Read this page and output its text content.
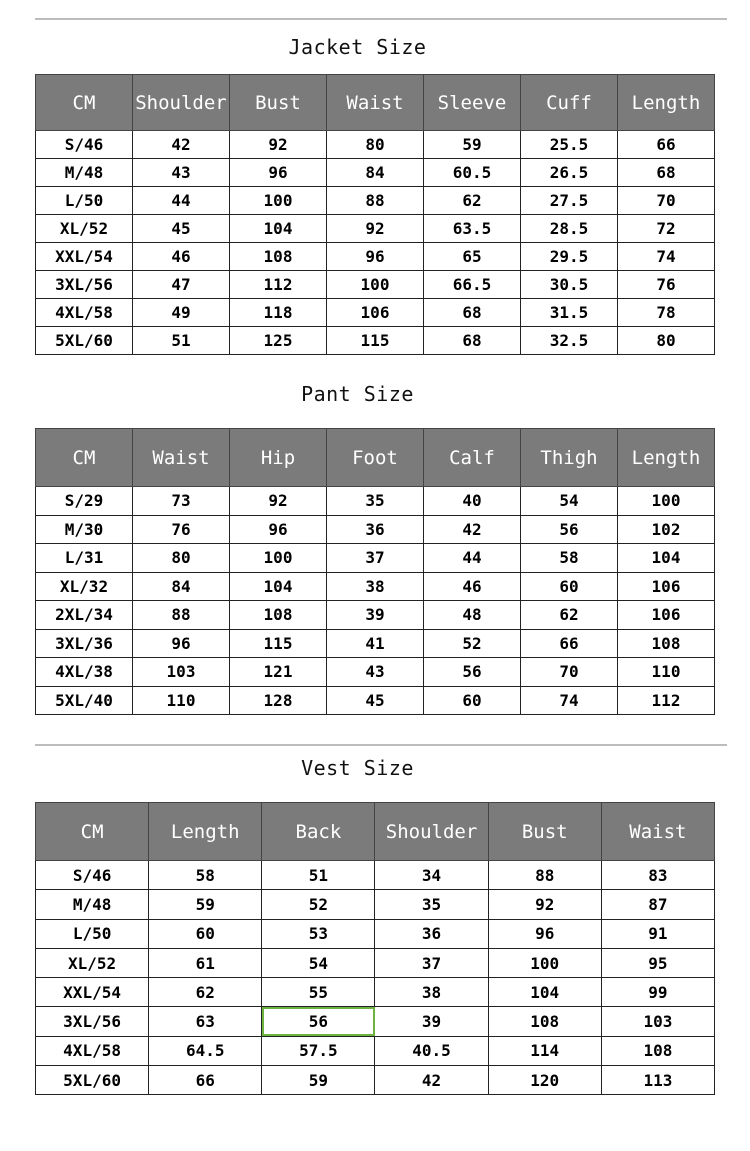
Jacket Size
CM	Shoulder	Bust	Waist	Sleeve	Cuff	Length
S/46	42	92	80	59	25.5	66
M/48	43	96	84	60.5	26.5	68
L/50	44	100	88	62	27.5	70
XL/52	45	104	92	63.5	28.5	72
XXL/54	46	108	96	65	29.5	74
3XL/56	47	112	100	66.5	30.5	76
4XL/58	49	118	106	68	31.5	78
5XL/60	51	125	115	68	32.5	80
Pant Size
CM	Waist	Hip	Foot	Calf	Thigh	Length
S/29	73	92	35	40	54	100
M/30	76	96	36	42	56	102
L/31	80	100	37	44	58	104
XL/32	84	104	38	46	60	106
2XL/34	88	108	39	48	62	106
3XL/36	96	115	41	52	66	108
4XL/38	103	121	43	56	70	110
5XL/40	110	128	45	60	74	112
Vest Size
CM	Length	Back	Shoulder	Bust	Waist
S/46	58	51	34	88	83
M/48	59	52	35	92	87
L/50	60	53	36	96	91
XL/52	61	54	37	100	95
XXL/54	62	55	38	104	99
3XL/56	63	56	39	108	103
4XL/58	64.5	57.5	40.5	114	108
5XL/60	66	59	42	120	113
